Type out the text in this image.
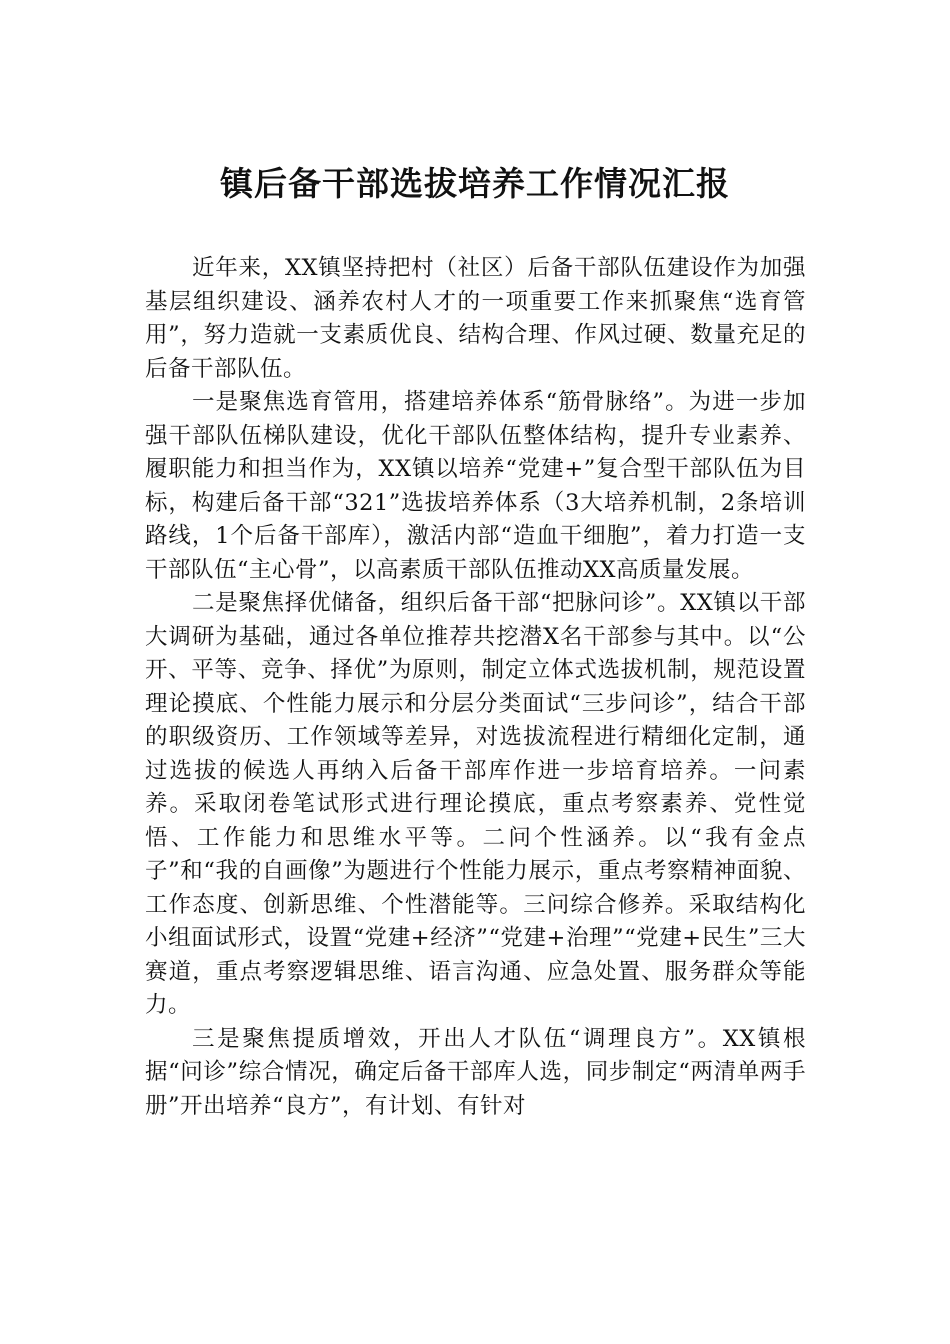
镇后备干部选拔培养工作情况汇报

近年来，XX镇坚持把村（社区）后备干部队伍建设作为加强基层组织建设、涵养农村人才的一项重要工作来抓聚焦“选育管用”，努力造就一支素质优良、结构合理、作风过硬、数量充足的后备干部队伍。

一是聚焦选育管用，搭建培养体系“筋骨脉络”。为进一步加强干部队伍梯队建设，优化干部队伍整体结构，提升专业素养、履职能力和担当作为，XX镇以培养“党建+”复合型干部队伍为目标，构建后备干部“321”选拔培养体系（3大培养机制，2条培训路线，1个后备干部库），激活内部“造血干细胞”，着力打造一支干部队伍“主心骨”，以高素质干部队伍推动XX高质量发展。

二是聚焦择优储备，组织后备干部“把脉问诊”。XX镇以干部大调研为基础，通过各单位推荐共挖潜X名干部参与其中。以“公开、平等、竞争、择优”为原则，制定立体式选拔机制，规范设置理论摸底、个性能力展示和分层分类面试“三步问诊”，结合干部的职级资历、工作领域等差异，对选拔流程进行精细化定制，通过选拔的候选人再纳入后备干部库作进一步培育培养。一问素养。采取闭卷笔试形式进行理论摸底，重点考察素养、党性觉悟、工作能力和思维水平等。二问个性涵养。以“我有金点子”和“我的自画像”为题进行个性能力展示，重点考察精神面貌、工作态度、创新思维、个性潜能等。三问综合修养。采取结构化小组面试形式，设置“党建+经济”“党建+治理”“党建+民生”三大赛道，重点考察逻辑思维、语言沟通、应急处置、服务群众等能力。

三是聚焦提质增效，开出人才队伍“调理良方”。XX镇根据“问诊”综合情况，确定后备干部库人选，同步制定“两清单两手册”开出培养“良方”，有计划、有针对
